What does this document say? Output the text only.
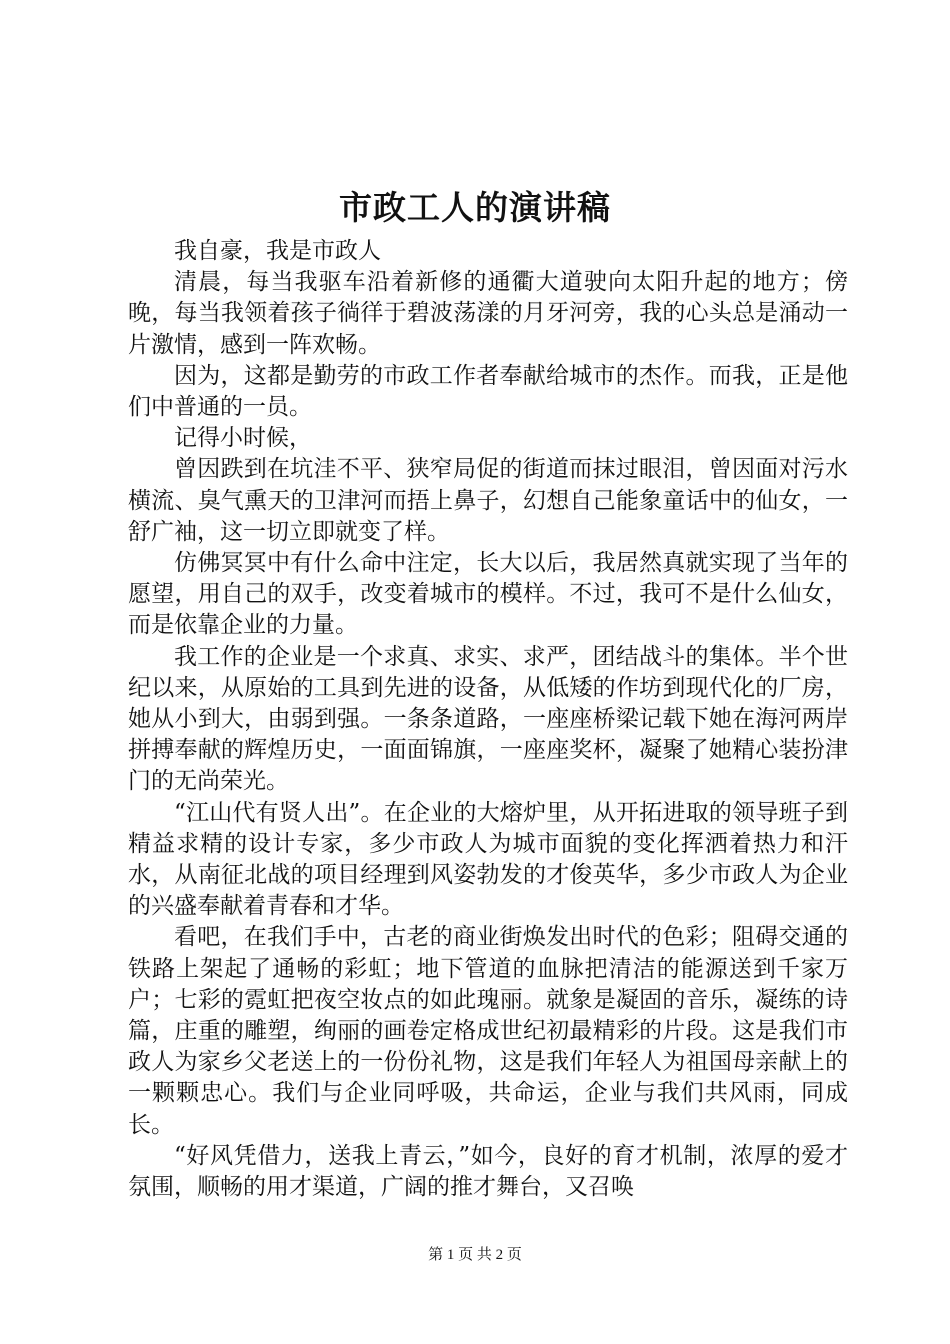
市政工人的演讲稿

我自豪，我是市政人

清晨，每当我驱车沿着新修的通衢大道驶向太阳升起的地方；傍晚，每当我领着孩子徜徉于碧波荡漾的月牙河旁，我的心头总是涌动一片激情，感到一阵欢畅。

因为，这都是勤劳的市政工作者奉献给城市的杰作。而我，正是他们中普通的一员。

记得小时候，

曾因跌到在坑洼不平、狭窄局促的街道而抹过眼泪，曾因面对污水横流、臭气熏天的卫津河而捂上鼻子，幻想自己能象童话中的仙女，一舒广袖，这一切立即就变了样。

仿佛冥冥中有什么命中注定，长大以后，我居然真就实现了当年的愿望，用自己的双手，改变着城市的模样。不过，我可不是什么仙女，而是依靠企业的力量。

我工作的企业是一个求真、求实、求严，团结战斗的集体。半个世纪以来，从原始的工具到先进的设备，从低矮的作坊到现代化的厂房，她从小到大，由弱到强。一条条道路，一座座桥梁记载下她在海河两岸拼搏奉献的辉煌历史，一面面锦旗，一座座奖杯，凝聚了她精心装扮津门的无尚荣光。

“江山代有贤人出”。在企业的大熔炉里，从开拓进取的领导班子到精益求精的设计专家，多少市政人为城市面貌的变化挥洒着热力和汗水，从南征北战的项目经理到风姿勃发的才俊英华，多少市政人为企业的兴盛奉献着青春和才华。

看吧，在我们手中，古老的商业街焕发出时代的色彩；阻碍交通的铁路上架起了通畅的彩虹；地下管道的血脉把清洁的能源送到千家万户；七彩的霓虹把夜空妆点的如此瑰丽。就象是凝固的音乐，凝练的诗篇，庄重的雕塑，绚丽的画卷定格成世纪初最精彩的片段。这是我们市政人为家乡父老送上的一份份礼物，这是我们年轻人为祖国母亲献上的一颗颗忠心。我们与企业同呼吸，共命运，企业与我们共风雨，同成长。

“好风凭借力，送我上青云，”如今，良好的育才机制，浓厚的爱才氛围，顺畅的用才渠道，广阔的推才舞台，又召唤

第 1 页 共 2 页
